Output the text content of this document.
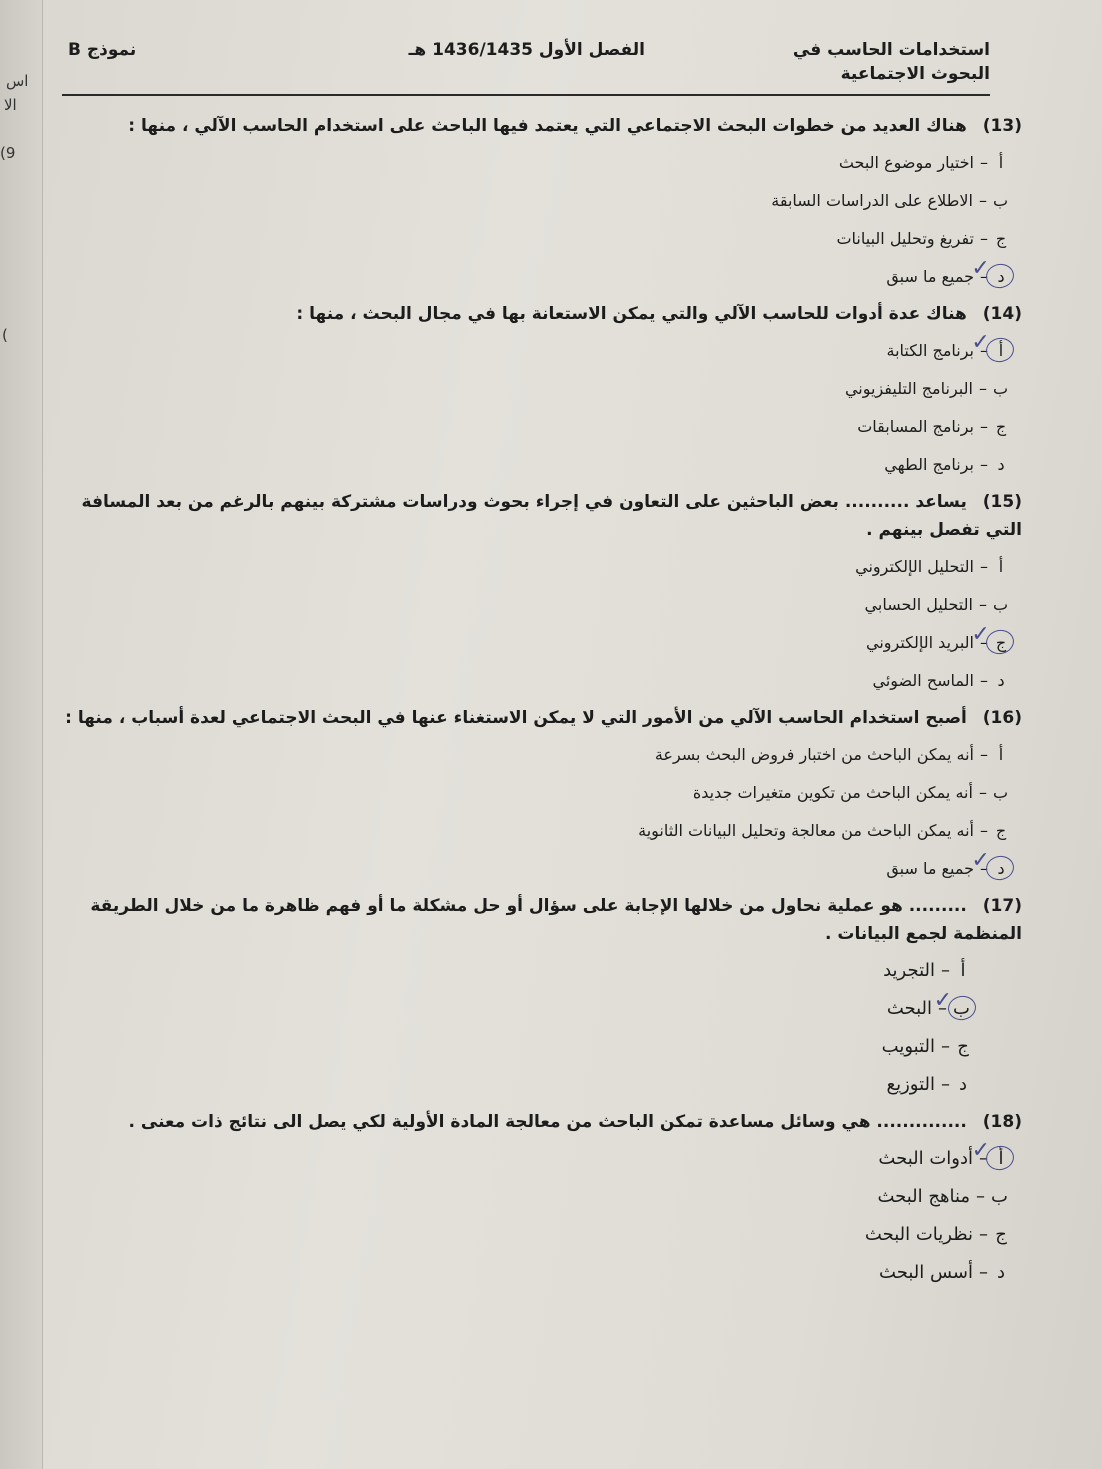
اس
الا
9)
)
استخدامات الحاسب في البحوث الاجتماعية
الفصل الأول 1436/1435 هـ
نموذج B
(13) هناك العديد من خطوات البحث الاجتماعي التي يعتمد فيها الباحث على استخدام الحاسب الآلي ، منها :
أ–اختيار موضوع البحث
ب–الاطلاع على الدراسات السابقة
ج–تفريغ وتحليل البيانات
د ✓–جميع ما سبق
(14) هناك عدة أدوات للحاسب الآلي والتي يمكن الاستعانة بها في مجال البحث ، منها :
أ ✓–برنامج الكتابة
ب–البرنامج التليفزيوني
ج–برنامج المسابقات
د–برنامج الطهي
(15) يساعد .......... بعض الباحثين على التعاون في إجراء بحوث ودراسات مشتركة بينهم بالرغم من بعد المسافة التي تفصل بينهم .
أ–التحليل الإلكتروني
ب–التحليل الحسابي
ج ✓–البريد الإلكتروني
د–الماسح الضوئي
(16) أصبح استخدام الحاسب الآلي من الأمور التي لا يمكن الاستغناء عنها في البحث الاجتماعي لعدة أسباب ، منها :
أ–أنه يمكن الباحث من اختبار فروض البحث بسرعة
ب–أنه يمكن الباحث من تكوين متغيرات جديدة
ج–أنه يمكن الباحث من معالجة وتحليل البيانات الثانوية
د ✓–جميع ما سبق
(17) ......... هو عملية نحاول من خلالها الإجابة على سؤال أو حل مشكلة ما أو فهم ظاهرة ما من خلال الطريقة المنظمة لجمع البيانات .
أ–التجريد
ب ✓–البحث
ج–التبويب
د–التوزيع
(18) .............. هي وسائل مساعدة تمكن الباحث من معالجة المادة الأولية لكي يصل الى نتائج ذات معنى .
أ ✓–أدوات البحث
ب–مناهج البحث
ج–نظريات البحث
د–أسس البحث
